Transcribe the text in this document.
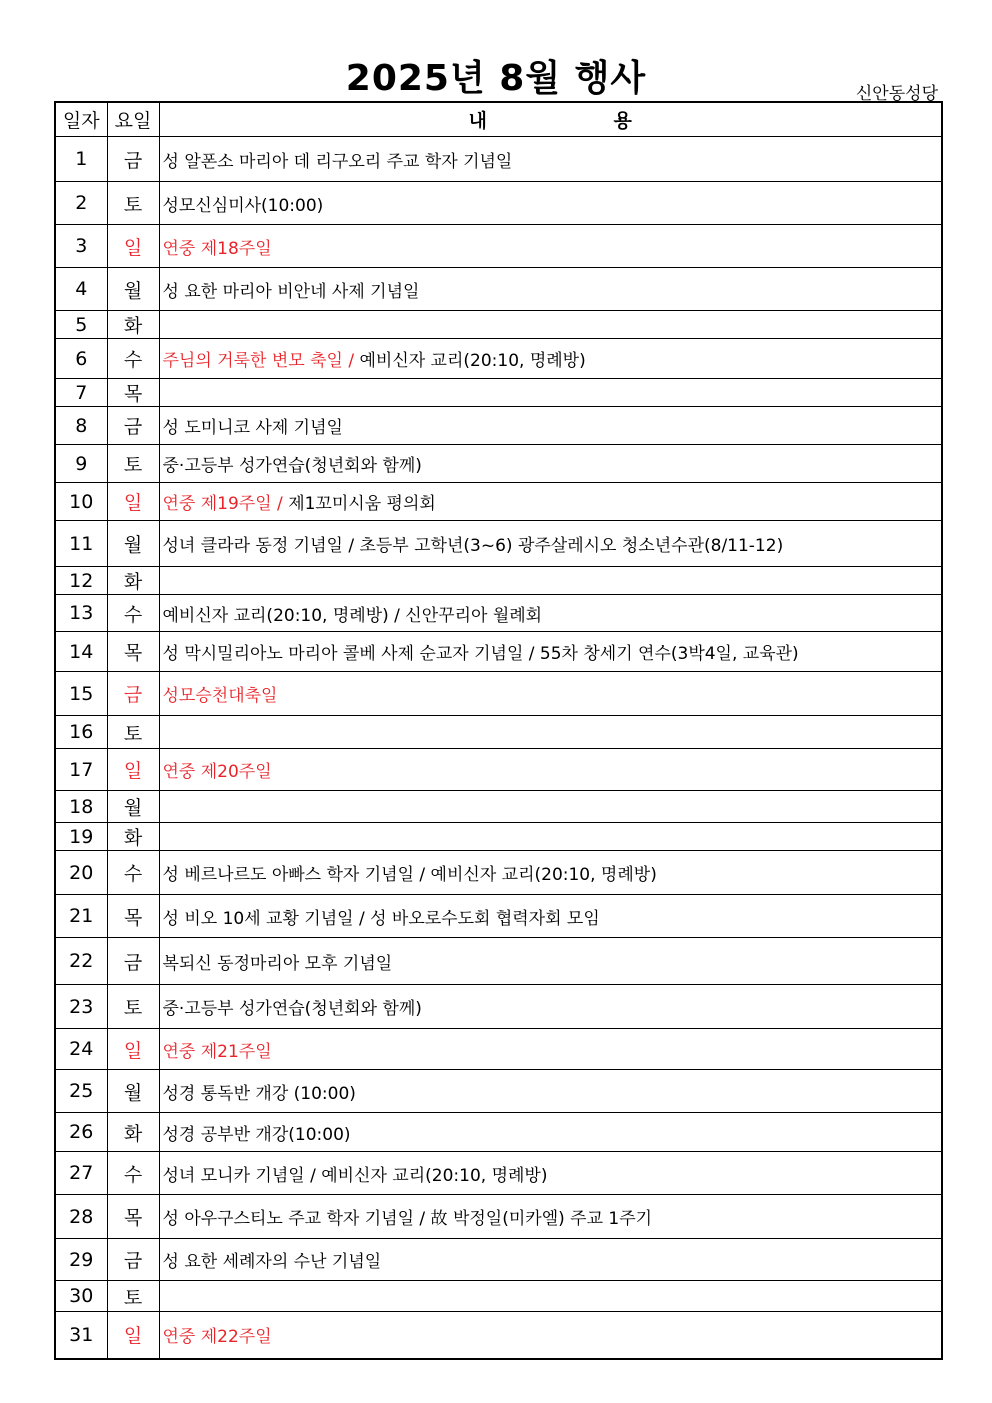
2025년 8월 행사	신안동성당
일자	요일	내 용
1	금	성 알폰소 마리아 데 리구오리 주교 학자 기념일
2	토	성모신심미사(10:00)
3	일	연중 제18주일
4	월	성 요한 마리아 비안네 사제 기념일
5	화	
6	수	주님의 거룩한 변모 축일 / 예비신자 교리(20:10, 명례방)
7	목	
8	금	성 도미니코 사제 기념일
9	토	중·고등부 성가연습(청년회와 함께)
10	일	연중 제19주일 / 제1꼬미시움 평의회
11	월	성녀 클라라 동정 기념일 / 초등부 고학년(3~6) 광주살레시오 청소년수관(8/11-12)
12	화	
13	수	예비신자 교리(20:10, 명례방) / 신안꾸리아 월례회
14	목	성 막시밀리아노 마리아 콜베 사제 순교자 기념일 / 55차 창세기 연수(3박4일, 교육관)
15	금	성모승천대축일
16	토	
17	일	연중 제20주일
18	월	
19	화	
20	수	성 베르나르도 아빠스 학자 기념일 / 예비신자 교리(20:10, 명례방)
21	목	성 비오 10세 교황 기념일 / 성 바오로수도회 협력자회 모임
22	금	복되신 동정마리아 모후 기념일
23	토	중·고등부 성가연습(청년회와 함께)
24	일	연중 제21주일
25	월	성경 통독반 개강 (10:00)
26	화	성경 공부반 개강(10:00)
27	수	성녀 모니카 기념일 / 예비신자 교리(20:10, 명례방)
28	목	성 아우구스티노 주교 학자 기념일 / 故 박정일(미카엘) 주교 1주기
29	금	성 요한 세례자의 수난 기념일
30	토	
31	일	연중 제22주일
